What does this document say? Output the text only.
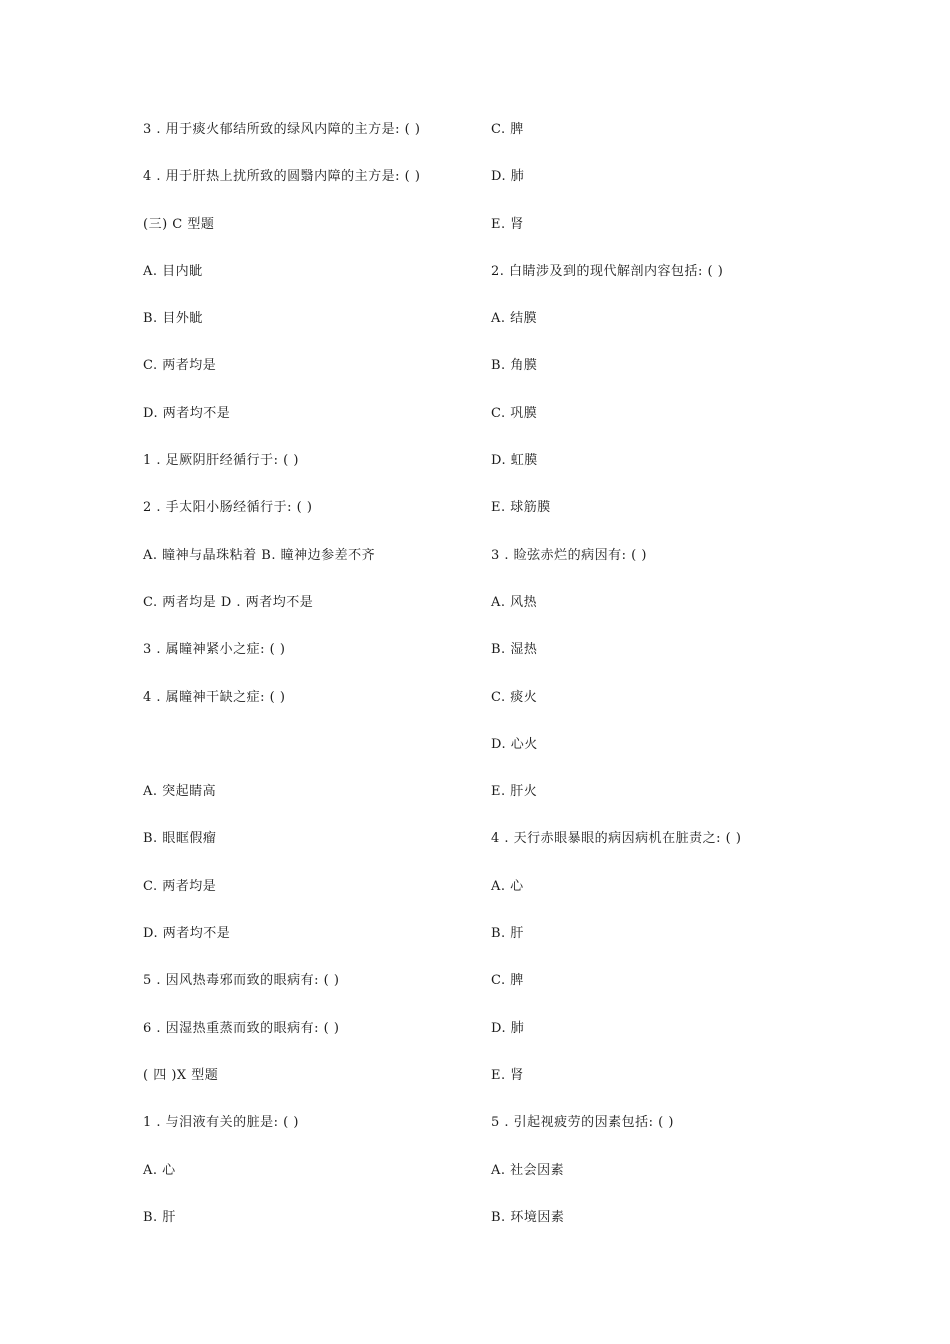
3 . 用于痰火郁结所致的绿风内障的主方是: ( )
4 . 用于肝热上扰所致的圆翳内障的主方是: ( )
(三) C 型题
A. 目内眦
B. 目外眦
C. 两者均是
D. 两者均不是
1 . 足厥阴肝经循行于: ( )
2 . 手太阳小肠经循行于: ( )
A. 瞳神与晶珠粘着 B. 瞳神边参差不齐
C. 两者均是 D . 两者均不是
3 . 属瞳神紧小之症: ( )
4 . 属瞳神干缺之症: ( )
A. 突起睛高
B. 眼眶假瘤
C. 两者均是
D. 两者均不是
5 . 因风热毒邪而致的眼病有: ( )
6 . 因湿热重蒸而致的眼病有: ( )
( 四 )X 型题
1 . 与泪液有关的脏是: ( )
A. 心
B. 肝
C. 脾
D. 肺
E. 肾
2. 白睛涉及到的现代解剖内容包括: ( )
A. 结膜
B. 角膜
C. 巩膜
D. 虹膜
E. 球筋膜
3 . 睑弦赤烂的病因有: ( )
A. 风热
B. 湿热
C. 痰火
D. 心火
E. 肝火
4 . 天行赤眼暴眼的病因病机在脏责之: ( )
A. 心
B. 肝
C. 脾
D. 肺
E. 肾
5 . 引起视疲劳的因素包括: ( )
A. 社会因素
B. 环境因素
